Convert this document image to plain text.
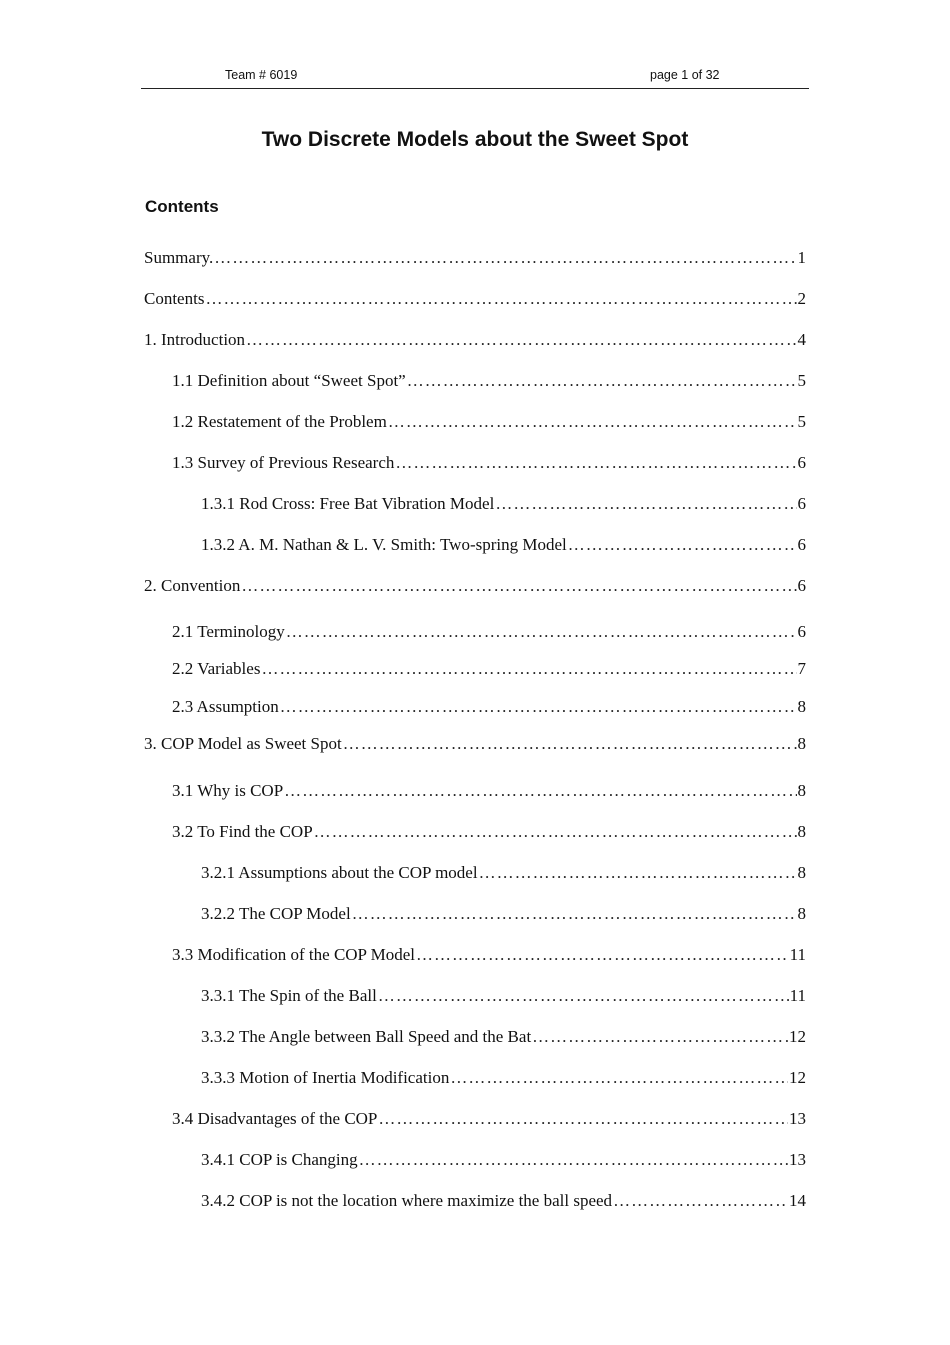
Team # 6019	page 1 of 32
Two Discrete Models about the Sweet Spot
Contents
Summary. ……………………………………………………………………………………………………………………………………………………………………	1
Contents ……………………………………………………………………………………………………………………………………………………………………	2
1. Introduction ……………………………………………………………………………………………………………………………………………………………………	4
1.1 Definition about “Sweet Spot” ……………………………………………………………………………………………………………………………………………………………………	5
1.2 Restatement of the Problem ……………………………………………………………………………………………………………………………………………………………………	5
1.3 Survey of Previous Research ……………………………………………………………………………………………………………………………………………………………………	6
1.3.1 Rod Cross: Free Bat Vibration Model ……………………………………………………………………………………………………………………………………………………………………	6
1.3.2 A. M. Nathan & L. V. Smith: Two-spring Model ……………………………………………………………………………………………………………………………………………………………………	6
2. Convention ……………………………………………………………………………………………………………………………………………………………………	6
2.1 Terminology ……………………………………………………………………………………………………………………………………………………………………	6
2.2 Variables ……………………………………………………………………………………………………………………………………………………………………	7
2.3 Assumption ……………………………………………………………………………………………………………………………………………………………………	8
3. COP Model as Sweet Spot ……………………………………………………………………………………………………………………………………………………………………	8
3.1 Why is COP ……………………………………………………………………………………………………………………………………………………………………	8
3.2 To Find the COP ……………………………………………………………………………………………………………………………………………………………………	8
3.2.1 Assumptions about the COP model ……………………………………………………………………………………………………………………………………………………………………	8
3.2.2 The COP Model ……………………………………………………………………………………………………………………………………………………………………	8
3.3 Modification of the COP Model ……………………………………………………………………………………………………………………………………………………………………	11
3.3.1 The Spin of the Ball ……………………………………………………………………………………………………………………………………………………………………	11
3.3.2 The Angle between Ball Speed and the Bat ……………………………………………………………………………………………………………………………………………………………………	12
3.3.3 Motion of Inertia Modification ……………………………………………………………………………………………………………………………………………………………………	12
3.4 Disadvantages of the COP ……………………………………………………………………………………………………………………………………………………………………	13
3.4.1 COP is Changing ……………………………………………………………………………………………………………………………………………………………………	13
3.4.2 COP is not the location where maximize the ball speed ……………………………………………………………………………………………………………………………………………………………………	14
